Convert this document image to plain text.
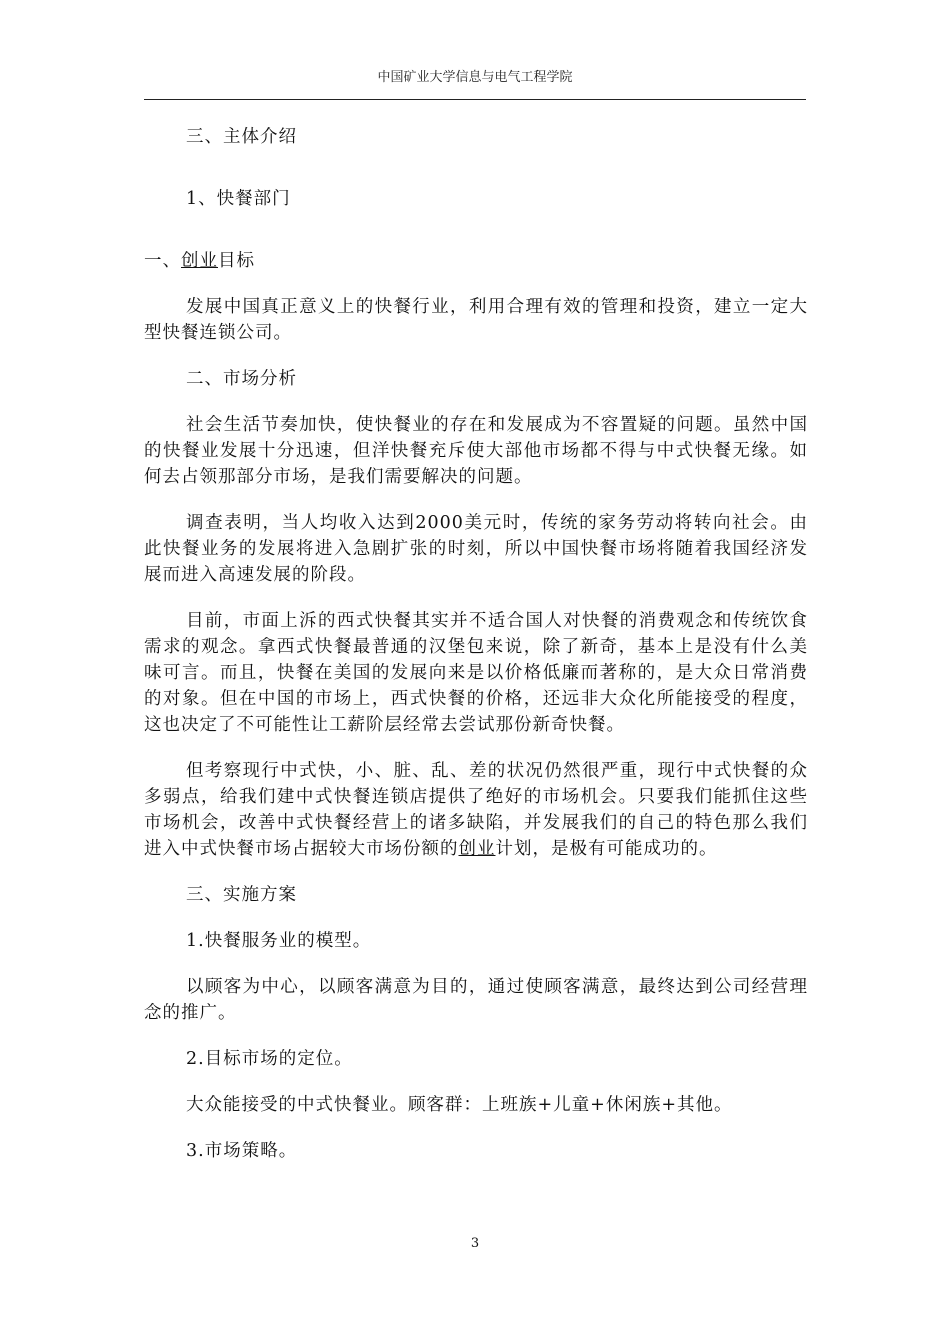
中国矿业大学信息与电气工程学院

三、主体介绍

1、快餐部门

一、创业目标

发展中国真正意义上的快餐行业，利用合理有效的管理和投资，建立一定大型快餐连锁公司。

二、市场分析

社会生活节奏加快，使快餐业的存在和发展成为不容置疑的问题。虽然中国的快餐业发展十分迅速，但洋快餐充斥使大部他市场都不得与中式快餐无缘。如何去占领那部分市场，是我们需要解决的问题。

调查表明，当人均收入达到2000美元时，传统的家务劳动将转向社会。由此快餐业务的发展将进入急剧扩张的时刻，所以中国快餐市场将随着我国经济发展而进入高速发展的阶段。

目前，市面上泝的西式快餐其实并不适合国人对快餐的消费观念和传统饮食需求的观念。拿西式快餐最普通的汉堡包来说，除了新奇，基本上是没有什么美味可言。而且，快餐在美国的发展向来是以价格低廉而著称的，是大众日常消费的对象。但在中国的市场上，西式快餐的价格，还远非大众化所能接受的程度，这也决定了不可能性让工薪阶层经常去尝试那份新奇快餐。

但考察现行中式快，小、脏、乱、差的状况仍然很严重，现行中式快餐的众多弱点，给我们建中式快餐连锁店提供了绝好的市场机会。只要我们能抓住这些市场机会，改善中式快餐经营上的诸多缺陷，并发展我们的自己的特色那么我们进入中式快餐市场占据较大市场份额的创业计划，是极有可能成功的。

三、实施方案

1.快餐服务业的模型。

以顾客为中心，以顾客满意为目的，通过使顾客满意，最终达到公司经营理念的推广。

2.目标市场的定位。

大众能接受的中式快餐业。顾客群：上班族+儿童+休闲族+其他。

3.市场策略。

3
